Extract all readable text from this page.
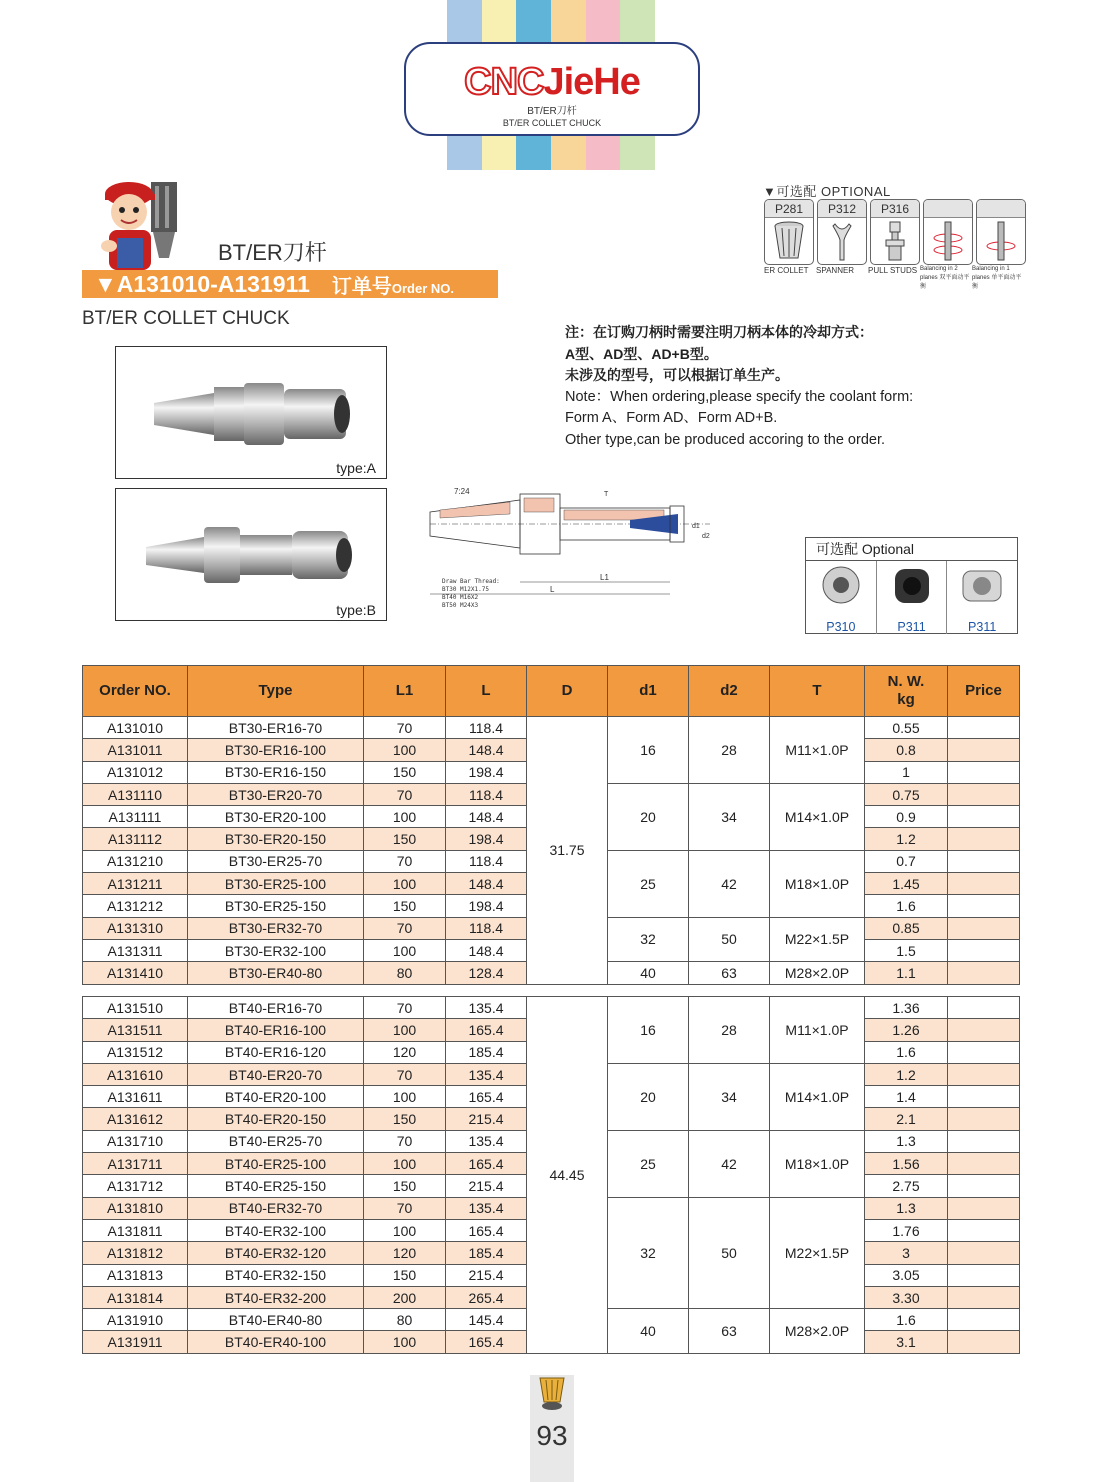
CNCJieHe
BT/ER刀杆
BT/ER COLLET CHUCK
BT/ER刀杆
▼A131010-A131911 订单号Order NO.
BT/ER COLLET CHUCK
▼可选配 OPTIONAL
P281	P312	P316
ER COLLET SPANNER	PULL STUDS Balancing in 2 planes 双平面动平衡
Balancing in 1 planes 单平面动平衡
type:A
type:B
注：在订购刀柄时需要注明刀柄本体的冷却方式：
A型、AD型、AD+B型。
未涉及的型号，可以根据订单生产。
Note：When ordering,please specify the coolant form:
Form A、Form AD、Form AD+B.
Other type,can be produced accoring to the order.
7:24
L1
L
d1
d2
T
Draw Bar Thread:
BT30 M12X1.75
BT40 M16X2
BT50 M24X3
可选配 Optional
P310	P311	P311
Order NO.	Type	L1	L	D	d1	d2	T	N. W.
kg	Price
A131010	BT30-ER16-70	70	118.4	31.75	16	28	M11×1.0P	0.55	
A131011	BT30-ER16-100	100	148.4					0.8	
A131012	BT30-ER16-150	150	198.4					1	
A131110	BT30-ER20-70	70	118.4		20	34	M14×1.0P	0.75	
A131111	BT30-ER20-100	100	148.4					0.9	
A131112	BT30-ER20-150	150	198.4					1.2	
A131210	BT30-ER25-70	70	118.4		25	42	M18×1.0P	0.7	
A131211	BT30-ER25-100	100	148.4					1.45	
A131212	BT30-ER25-150	150	198.4					1.6	
A131310	BT30-ER32-70	70	118.4		32	50	M22×1.5P	0.85	
A131311	BT30-ER32-100	100	148.4					1.5	
A131410	BT30-ER40-80	80	128.4		40	63	M28×2.0P	1.1	
A131510	BT40-ER16-70	70	135.4	44.45	16	28	M11×1.0P	1.36	
A131511	BT40-ER16-100	100	165.4					1.26	
A131512	BT40-ER16-120	120	185.4					1.6	
A131610	BT40-ER20-70	70	135.4		20	34	M14×1.0P	1.2	
A131611	BT40-ER20-100	100	165.4					1.4	
A131612	BT40-ER20-150	150	215.4					2.1	
A131710	BT40-ER25-70	70	135.4		25	42	M18×1.0P	1.3	
A131711	BT40-ER25-100	100	165.4					1.56	
A131712	BT40-ER25-150	150	215.4					2.75	
A131810	BT40-ER32-70	70	135.4		32	50	M22×1.5P	1.3	
A131811	BT40-ER32-100	100	165.4					1.76	
A131812	BT40-ER32-120	120	185.4					3	
A131813	BT40-ER32-150	150	215.4					3.05	
A131814	BT40-ER32-200	200	265.4					3.30	
A131910	BT40-ER40-80	80	145.4		40	63	M28×2.0P	1.6	
A131911	BT40-ER40-100	100	165.4					3.1	
93
